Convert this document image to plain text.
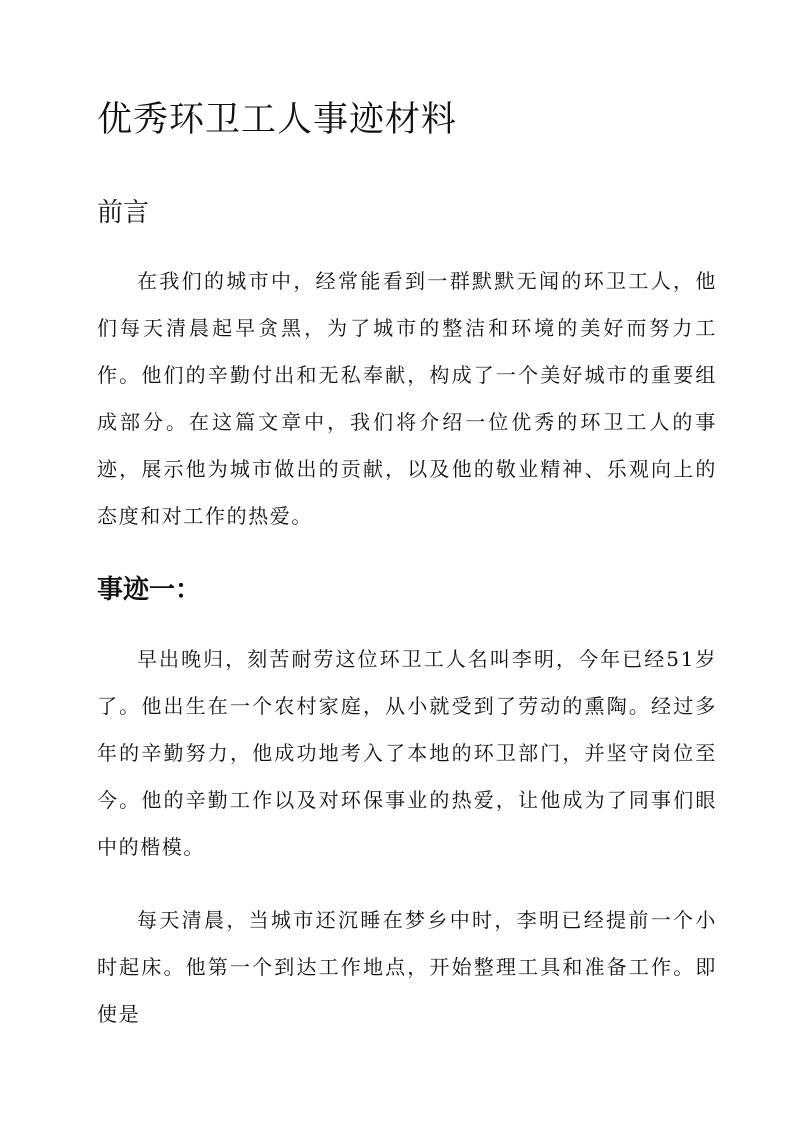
优秀环卫工人事迹材料
前言

在我们的城市中，经常能看到一群默默无闻的环卫工人，他们每天清晨起早贪黑，为了城市的整洁和环境的美好而努力工作。他们的辛勤付出和无私奉献，构成了一个美好城市的重要组成部分。在这篇文章中，我们将介绍一位优秀的环卫工人的事迹，展示他为城市做出的贡献，以及他的敬业精神、乐观向上的态度和对工作的热爱。

事迹一：

早出晚归，刻苦耐劳这位环卫工人名叫李明，今年已经51岁了。他出生在一个农村家庭，从小就受到了劳动的熏陶。经过多年的辛勤努力，他成功地考入了本地的环卫部门，并坚守岗位至今。他的辛勤工作以及对环保事业的热爱，让他成为了同事们眼中的楷模。

每天清晨，当城市还沉睡在梦乡中时，李明已经提前一个小时起床。他第一个到达工作地点，开始整理工具和准备工作。即使是
